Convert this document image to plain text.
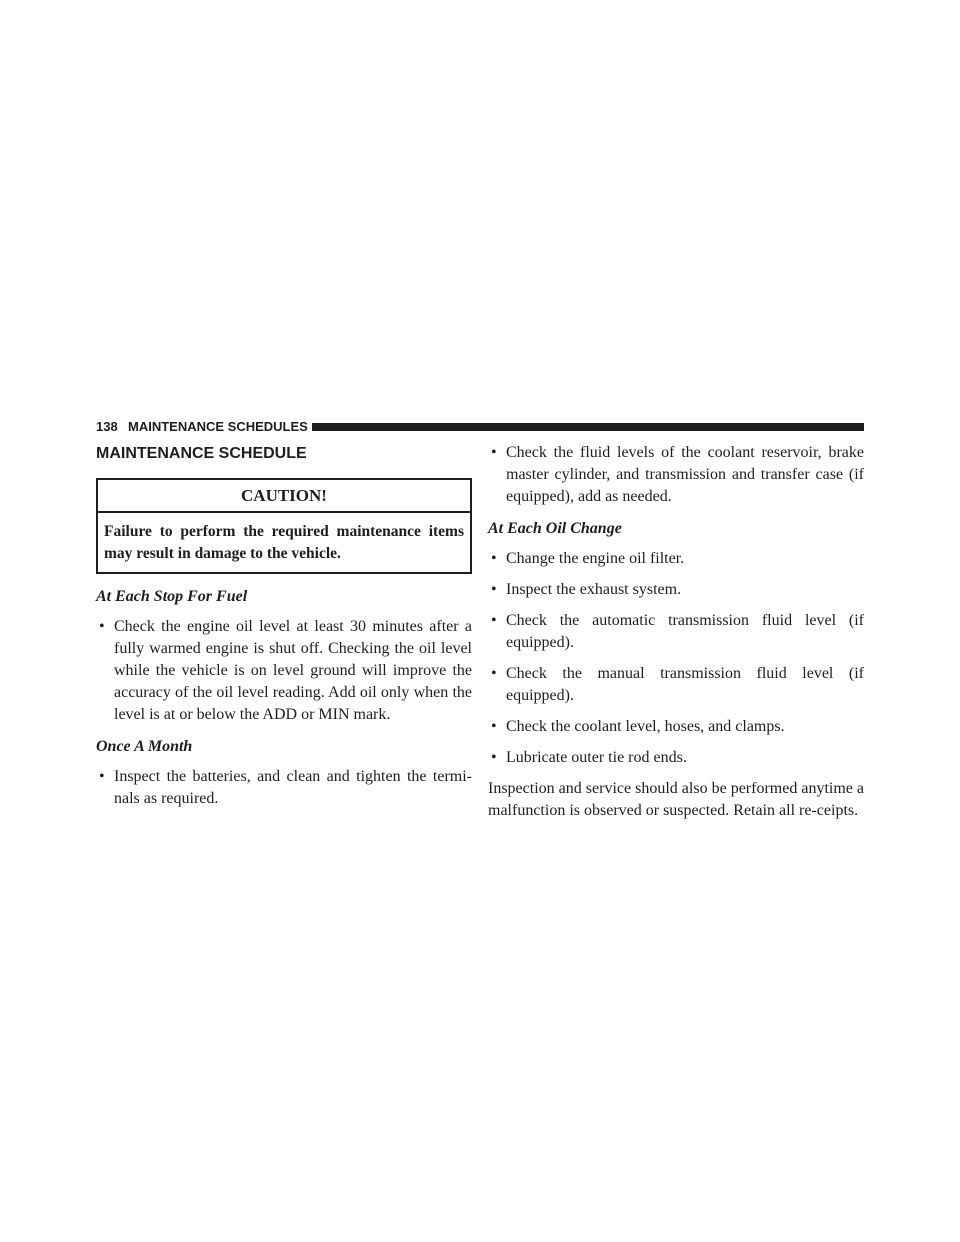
138 MAINTENANCE SCHEDULES
MAINTENANCE SCHEDULE
CAUTION!
Failure to perform the required maintenance items may result in damage to the vehicle.
At Each Stop For Fuel
• Check the engine oil level at least 30 minutes after a fully warmed engine is shut off. Checking the oil level while the vehicle is on level ground will improve the accuracy of the oil level reading. Add oil only when the level is at or below the ADD or MIN mark.
Once A Month
• Inspect the batteries, and clean and tighten the termi-nals as required.
• Check the fluid levels of the coolant reservoir, brake master cylinder, and transmission and transfer case (if equipped), add as needed.
At Each Oil Change
• Change the engine oil filter.
• Inspect the exhaust system.
• Check the automatic transmission fluid level (if equipped).
• Check the manual transmission fluid level (if equipped).
• Check the coolant level, hoses, and clamps.
• Lubricate outer tie rod ends.

Inspection and service should also be performed anytime a malfunction is observed or suspected. Retain all re-ceipts.
